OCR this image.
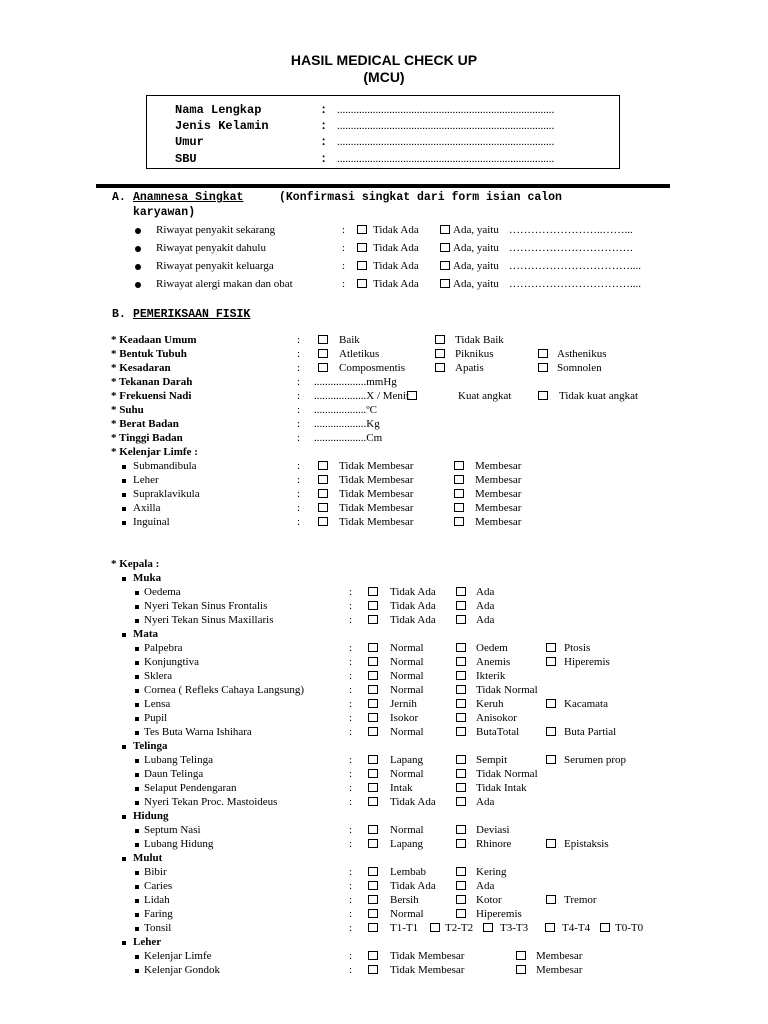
HASIL MEDICAL CHECK UP
(MCU)
Nama Lengkap	: ...............................................................................
Jenis Kelamin	: ...............................................................................
Umur	: ...............................................................................
SBU	: ...............................................................................
A. Anamnesa Singkat	(Konfirmasi singkat dari form isian calon
karyawan)
Riwayat penyakit sekarang	:	Tidak Ada	Ada, yaitu ……………………..……...
Riwayat penyakit dahulu	:	Tidak Ada	Ada, yaitu …………………………….
Riwayat penyakit keluarga	:	Tidak Ada	Ada, yaitu ……………………………....
Riwayat alergi makan dan obat	:	Tidak Ada	Ada, yaitu ……………………………....
B. PEMERIKSAAN FISIK
* Keadaan Umum	:	Baik	Tidak Baik
* Bentuk Tubuh	:	Atletikus	Piknikus	Asthenikus
* Kesadaran	:	Composmentis	Apatis	Somnolen
* Tekanan Darah	: ...................mmHg
* Frekuensi Nadi	: ...................X / Menit	Kuat angkat	Tidak kuat angkat
* Suhu	: ...................ºC
* Berat Badan	: ...................Kg
* Tinggi Badan	: ...................Cm
* Kelenjar Limfe :
Submandibula	:	Tidak Membesar	Membesar
Leher	:	Tidak Membesar	Membesar
Supraklavikula	:	Tidak Membesar	Membesar
Axilla	:	Tidak Membesar	Membesar
Inguinal	:	Tidak Membesar	Membesar
* Kepala :
Muka
Oedema	:	Tidak Ada	Ada
Nyeri Tekan Sinus Frontalis	:	Tidak Ada	Ada
Nyeri Tekan Sinus Maxillaris	:	Tidak Ada	Ada
Mata
Palpebra	:	Normal	Oedem	Ptosis
Konjungtiva	:	Normal	Anemis	Hiperemis
Sklera	:	Normal	Ikterik
Cornea ( Refleks Cahaya Langsung)	:	Normal	Tidak Normal
Lensa	:	Jernih	Keruh	Kacamata
Pupil	:	Isokor	Anisokor
Tes Buta Warna Ishihara	:	Normal	ButaTotal	Buta Partial
Telinga
Lubang Telinga	:	Lapang	Sempit	Serumen prop
Daun Telinga	:	Normal	Tidak Normal
Selaput Pendengaran	:	Intak	Tidak Intak
Nyeri Tekan Proc. Mastoideus	:	Tidak Ada	Ada
Hidung
Septum Nasi	:	Normal	Deviasi
Lubang Hidung	:	Lapang	Rhinore	Epistaksis
Mulut
Bibir	:	Lembab	Kering
Caries	:	Tidak Ada	Ada
Lidah	:	Bersih	Kotor	Tremor
Faring	:	Normal	Hiperemis
Tonsil	:	T1-T1 T2-T2 T3-T3	T4-T4 T0-T0
Leher
Kelenjar Limfe	:	Tidak Membesar	Membesar
Kelenjar Gondok	:	Tidak Membesar	Membesar
